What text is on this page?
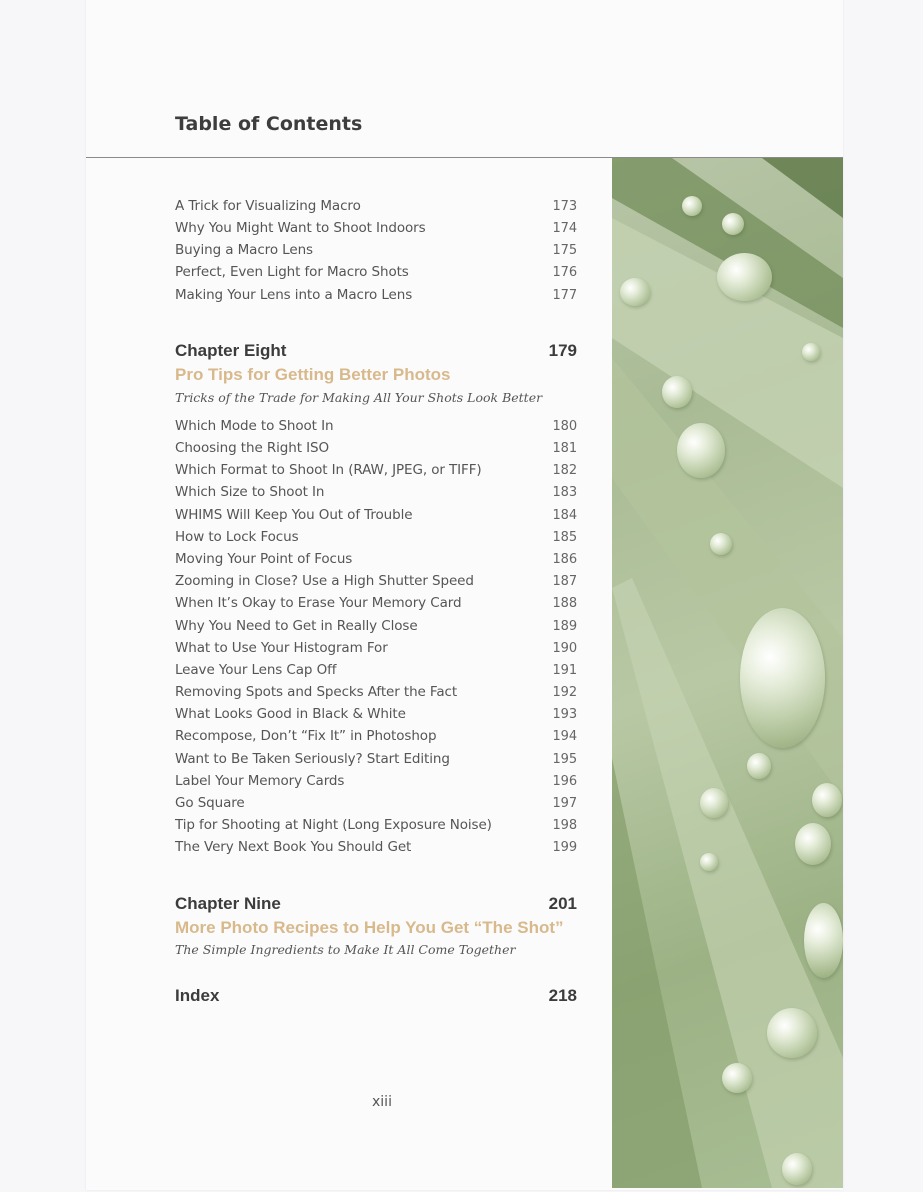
Table of Contents
A Trick for Visualizing Macro	173
Why You Might Want to Shoot Indoors	174
Buying a Macro Lens	175
Perfect, Even Light for Macro Shots	176
Making Your Lens into a Macro Lens	177
Chapter Eight	179
Pro Tips for Getting Better Photos
Tricks of the Trade for Making All Your Shots Look Better
Which Mode to Shoot In	180
Choosing the Right ISO	181
Which Format to Shoot In (RAW, JPEG, or TIFF)	182
Which Size to Shoot In	183
WHIMS Will Keep You Out of Trouble	184
How to Lock Focus	185
Moving Your Point of Focus	186
Zooming in Close? Use a High Shutter Speed	187
When It’s Okay to Erase Your Memory Card	188
Why You Need to Get in Really Close	189
What to Use Your Histogram For	190
Leave Your Lens Cap Off	191
Removing Spots and Specks After the Fact	192
What Looks Good in Black & White	193
Recompose, Don’t “Fix It” in Photoshop	194
Want to Be Taken Seriously? Start Editing	195
Label Your Memory Cards	196
Go Square	197
Tip for Shooting at Night (Long Exposure Noise)	198
The Very Next Book You Should Get	199
Chapter Nine	201
More Photo Recipes to Help You Get “The Shot”
The Simple Ingredients to Make It All Come Together
Index	218
xiii
